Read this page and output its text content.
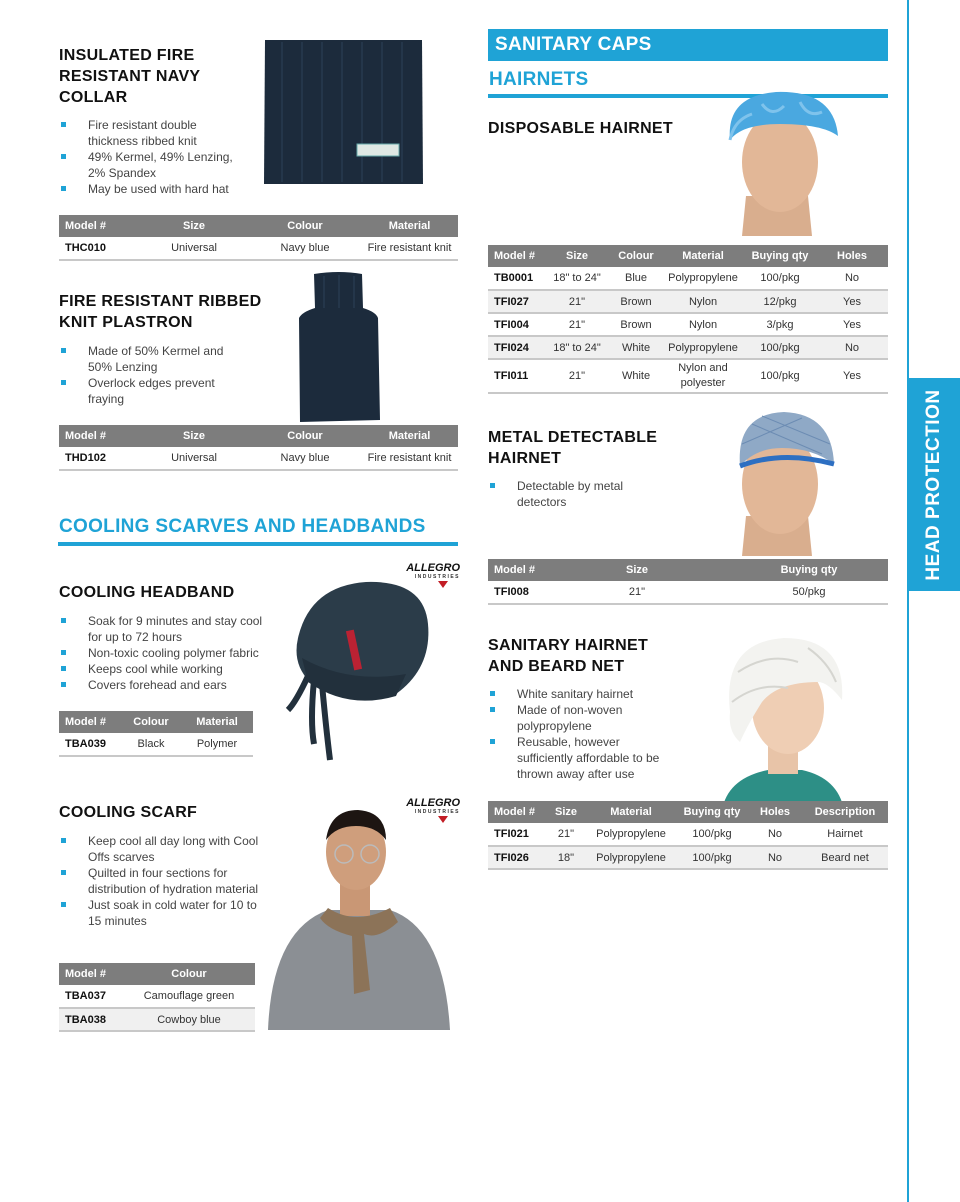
HEAD PROTECTION
INSULATED FIRE
RESISTANT NAVY
COLLAR
Fire resistant double thickness ribbed knit
49% Kermel, 49% Lenzing, 2% Spandex
May be used with hard hat
Model #	Size	Colour	Material
THC010	Universal	Navy blue	Fire resistant knit
FIRE RESISTANT RIBBED
KNIT PLASTRON
Made of 50% Kermel and 50% Lenzing
Overlock edges prevent fraying
Model #	Size	Colour	Material
THD102	Universal	Navy blue	Fire resistant knit
COOLING SCARVES AND HEADBANDS
ALLEGRO
INDUSTRIES
COOLING HEADBAND
Soak for 9 minutes and stay cool for up to 72 hours
Non-toxic cooling polymer fabric
Keeps cool while working
Covers forehead and ears
Model #	Colour	Material
TBA039	Black	Polymer
ALLEGRO
INDUSTRIES
COOLING SCARF
Keep cool all day long with Cool Offs scarves
Quilted in four sections for distribution of hydration material
Just soak in cold water for 10 to 15 minutes
Model #	Colour
TBA037	Camouflage green
TBA038	Cowboy blue
SANITARY CAPS
HAIRNETS
DISPOSABLE HAIRNET
Model #	Size	Colour	Material	Buying qty	Holes
TB0001	18" to 24"	Blue	Polypropylene	100/pkg	No
TFI027	21"	Brown	Nylon	12/pkg	Yes
TFI004	21"	Brown	Nylon	3/pkg	Yes
TFI024	18" to 24"	White	Polypropylene	100/pkg	No
TFI011	21"	White	Nylon and polyester	100/pkg	Yes
METAL DETECTABLE
HAIRNET
Detectable by metal detectors
Model #	Size	Buying qty
TFI008	21"	50/pkg
SANITARY HAIRNET
AND BEARD NET
White sanitary hairnet
Made of non-woven polypropylene
Reusable, however sufficiently affordable to be thrown away after use
Model #	Size	Material	Buying qty	Holes	Description
TFI021	21"	Polypropylene	100/pkg	No	Hairnet
TFI026	18"	Polypropylene	100/pkg	No	Beard net
